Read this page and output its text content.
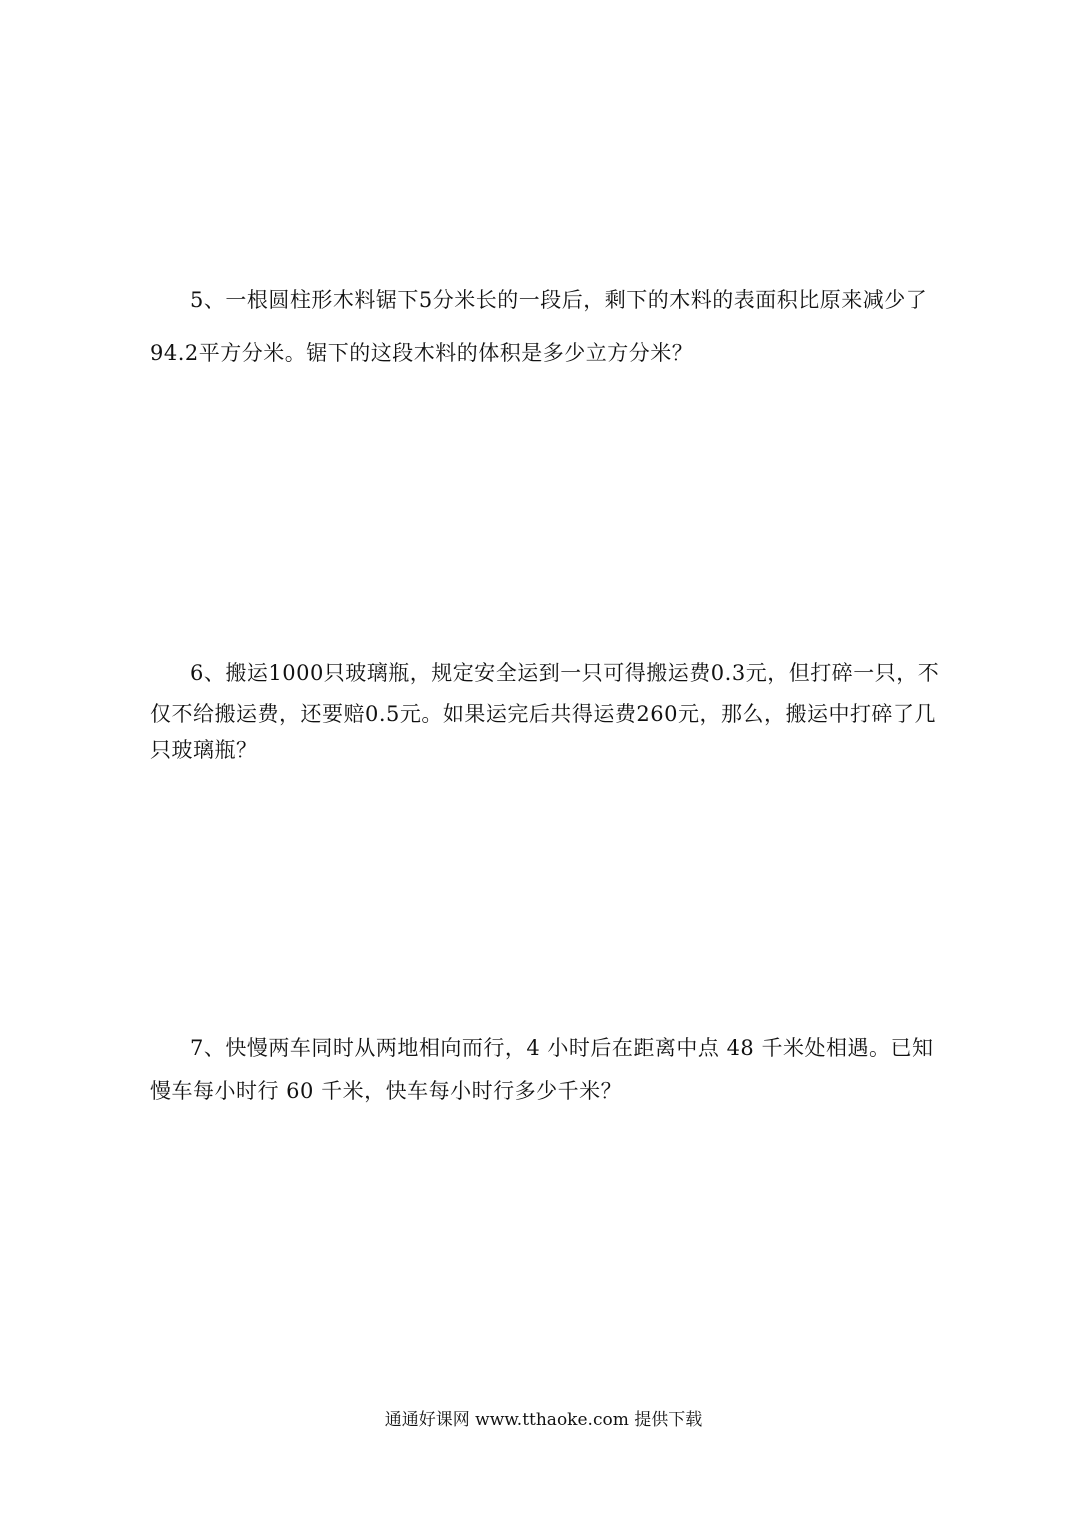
5、一根圆柱形木料锯下5分米长的一段后，剩下的木料的表面积比原来减少了
94.2平方分米。锯下的这段木料的体积是多少立方分米？
6、搬运1000只玻璃瓶，规定安全运到一只可得搬运费0.3元，但打碎一只，不
仅不给搬运费，还要赔0.5元。如果运完后共得运费260元，那么，搬运中打碎了几
只玻璃瓶？
7、快慢两车同时从两地相向而行，4 小时后在距离中点 48 千米处相遇。已知
慢车每小时行 60 千米，快车每小时行多少千米？
通通好课网 www.tthaoke.com 提供下载
